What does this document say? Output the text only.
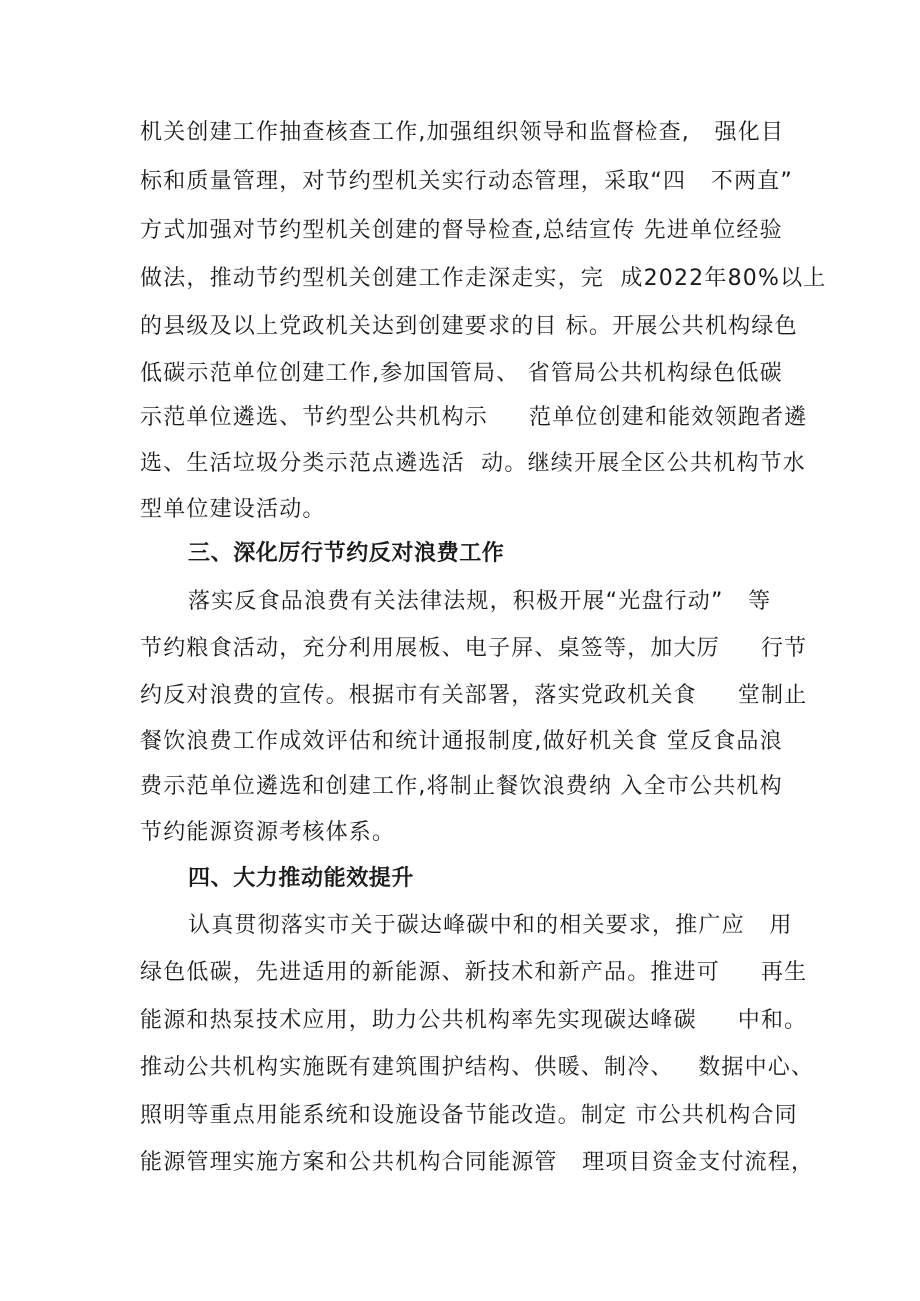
机关创建工作抽查核查工作,加强组织领导和监督检查,   强化目
标和质量管理，对节约型机关实行动态管理，采取“四   不两直”
方式加强对节约型机关创建的督导检查,总结宣传 先进单位经验
做法，推动节约型机关创建工作走深走实，完  成2022年80%以上
的县级及以上党政机关达到创建要求的目 标。开展公共机构绿色
低碳示范单位创建工作,参加国管局、 省管局公共机构绿色低碳
示范单位遴选、节约型公共机构示     范单位创建和能效领跑者遴
选、生活垃圾分类示范点遴选活  动。继续开展全区公共机构节水
型单位建设活动。
三、深化厉行节约反对浪费工作
落实反食品浪费有关法律法规，积极开展“光盘行动”   等
节约粮食活动，充分利用展板、电子屏、桌签等，加大厉     行节
约反对浪费的宣传。根据市有关部署，落实党政机关食     堂制止
餐饮浪费工作成效评估和统计通报制度,做好机关食 堂反食品浪
费示范单位遴选和创建工作,将制止餐饮浪费纳 入全市公共机构
节约能源资源考核体系。
四、大力推动能效提升
认真贯彻落实市关于碳达峰碳中和的相关要求，推广应   用
绿色低碳，先进适用的新能源、新技术和新产品。推进可     再生
能源和热泵技术应用，助力公共机构率先实现碳达峰碳     中和。
推动公共机构实施既有建筑围护结构、供暖、制冷、   数据中心、
照明等重点用能系统和设施设备节能改造。制定 市公共机构合同
能源管理实施方案和公共机构合同能源管   理项目资金支付流程，
